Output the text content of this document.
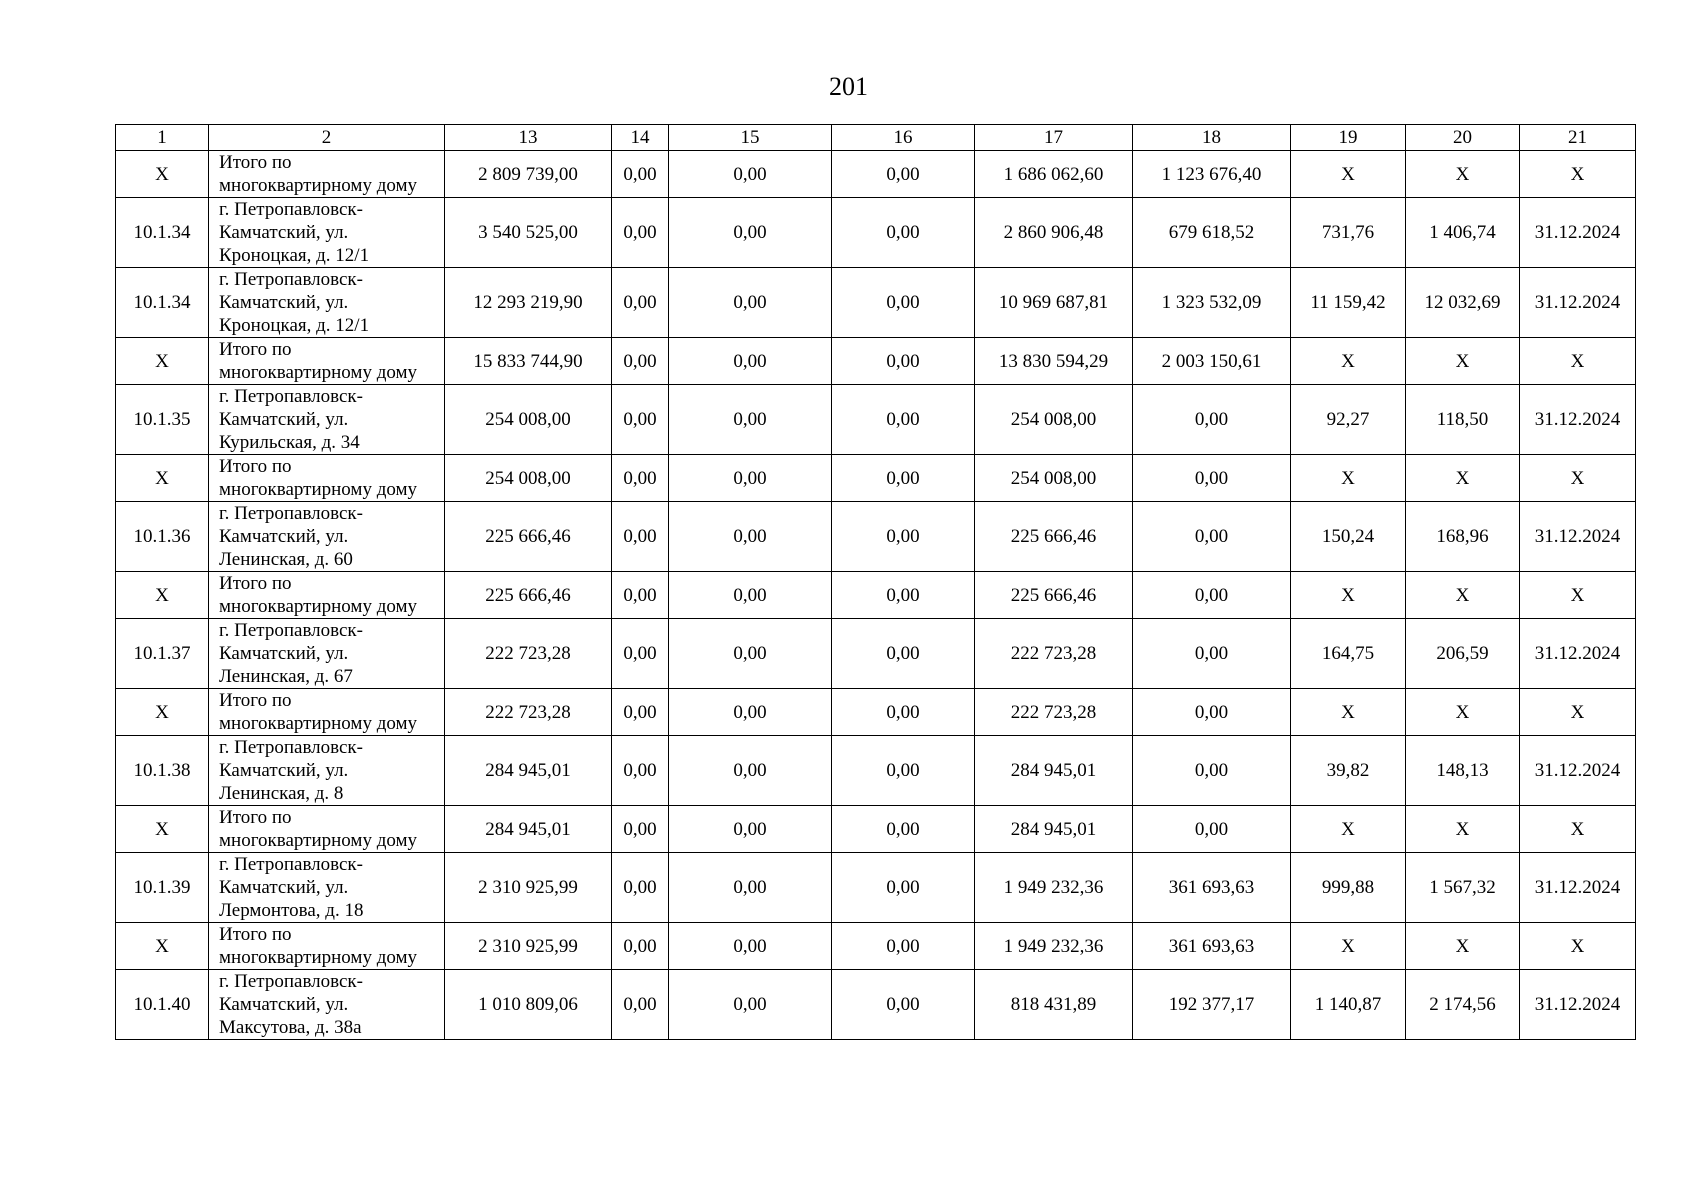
201
1	2	13	14	15	16	17	18	19	20	21
X	Итого по многоквартирному дому	2 809 739,00	0,00	0,00	0,00	1 686 062,60	1 123 676,40	X	X	X
10.1.34	г. Петропавловск-Камчатский, ул. Кроноцкая, д. 12/1	3 540 525,00	0,00	0,00	0,00	2 860 906,48	679 618,52	731,76	1 406,74	31.12.2024
10.1.34	г. Петропавловск-Камчатский, ул. Кроноцкая, д. 12/1	12 293 219,90	0,00	0,00	0,00	10 969 687,81	1 323 532,09	11 159,42	12 032,69	31.12.2024
X	Итого по многоквартирному дому	15 833 744,90	0,00	0,00	0,00	13 830 594,29	2 003 150,61	X	X	X
10.1.35	г. Петропавловск-Камчатский, ул. Курильская, д. 34	254 008,00	0,00	0,00	0,00	254 008,00	0,00	92,27	118,50	31.12.2024
X	Итого по многоквартирному дому	254 008,00	0,00	0,00	0,00	254 008,00	0,00	X	X	X
10.1.36	г. Петропавловск-Камчатский, ул. Ленинская, д. 60	225 666,46	0,00	0,00	0,00	225 666,46	0,00	150,24	168,96	31.12.2024
X	Итого по многоквартирному дому	225 666,46	0,00	0,00	0,00	225 666,46	0,00	X	X	X
10.1.37	г. Петропавловск-Камчатский, ул. Ленинская, д. 67	222 723,28	0,00	0,00	0,00	222 723,28	0,00	164,75	206,59	31.12.2024
X	Итого по многоквартирному дому	222 723,28	0,00	0,00	0,00	222 723,28	0,00	X	X	X
10.1.38	г. Петропавловск-Камчатский, ул. Ленинская, д. 8	284 945,01	0,00	0,00	0,00	284 945,01	0,00	39,82	148,13	31.12.2024
X	Итого по многоквартирному дому	284 945,01	0,00	0,00	0,00	284 945,01	0,00	X	X	X
10.1.39	г. Петропавловск-Камчатский, ул. Лермонтова, д. 18	2 310 925,99	0,00	0,00	0,00	1 949 232,36	361 693,63	999,88	1 567,32	31.12.2024
X	Итого по многоквартирному дому	2 310 925,99	0,00	0,00	0,00	1 949 232,36	361 693,63	X	X	X
10.1.40	г. Петропавловск-Камчатский, ул. Максутова, д. 38а	1 010 809,06	0,00	0,00	0,00	818 431,89	192 377,17	1 140,87	2 174,56	31.12.2024
